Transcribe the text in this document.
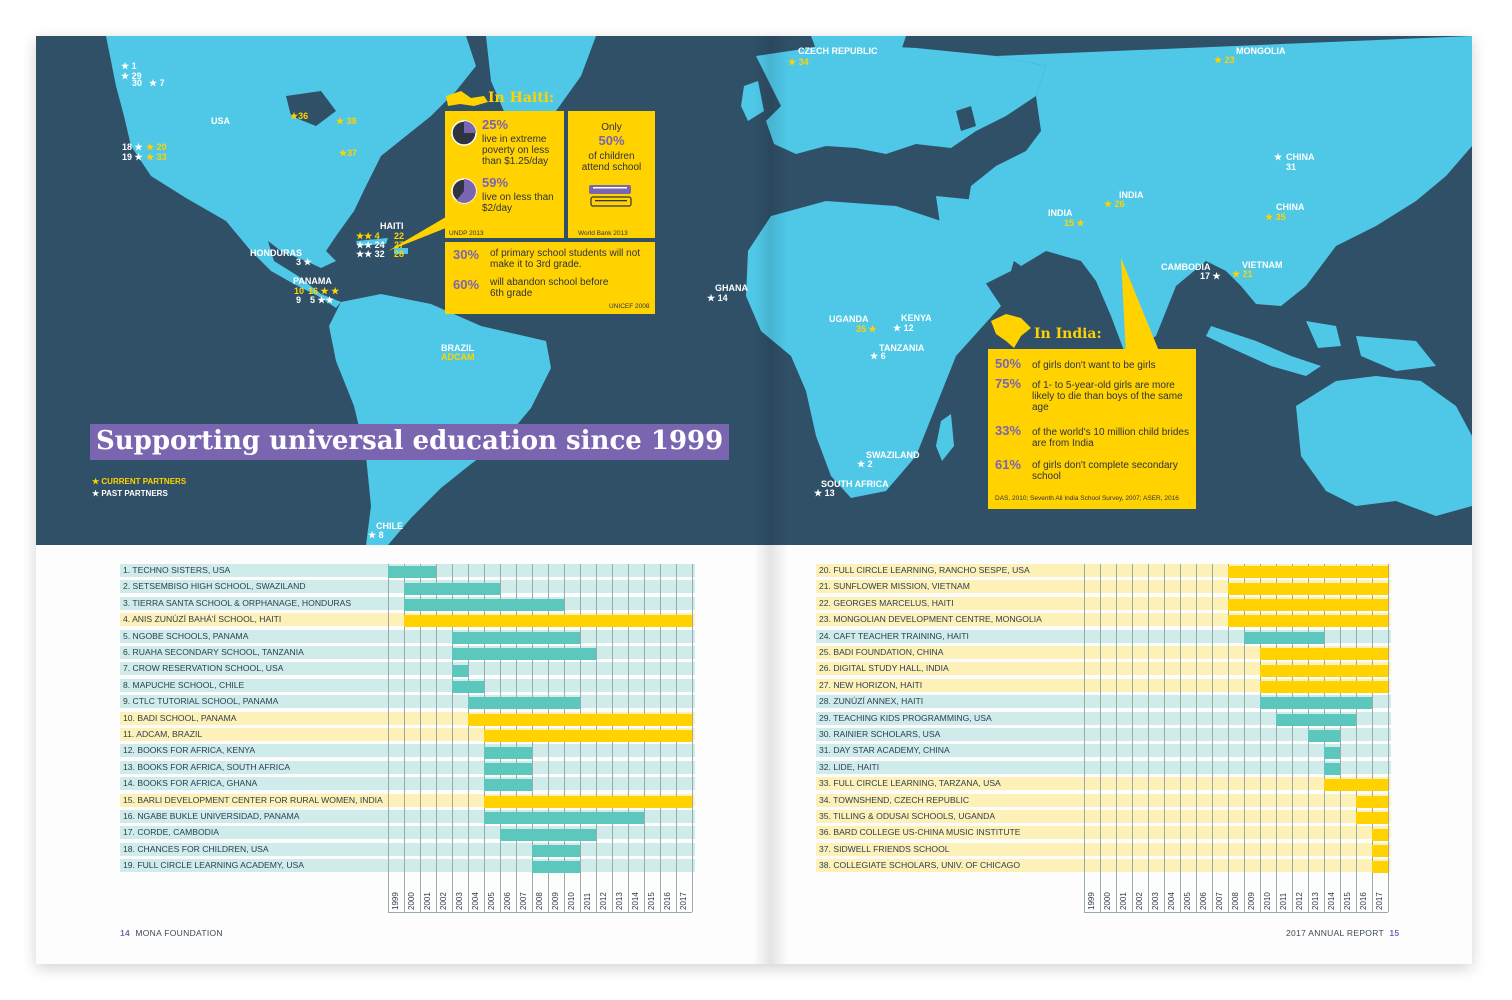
USA
HONDURAS
PANAMA
HAITI
BRAZIL
ADCAM
CHILE
CZECH REPUBLIC	MONGOLIA
CHINA
CHINA
INDIA
INDIA
CAMBODIA	VIETNAM
GHANA
UGANDA	KENYA
TANZANIA
SWAZILAND
SOUTH AFRICA
★ 1
★ 29
30 ★ 7
18 ★ ★ 20
19 ★ ★ 33
★36	★ 38
★37
3 ★
10 16 ★ ★
9 5 ★★
★★ 4 22
★★ 24 27
★★ 32 28
★ 8
★ 34	★ 23
★
31
★ 26
15 ★
★ 35
17 ★ ★ 21
★ 14
35 ★ ★ 12
★ 6
★ 2
★ 13
In Haiti:
25%
live in extreme poverty on less than $1.25/day
59%
live on less than $2/day
UNDP 2013
Only
50%
of children attend school
World Bank 2013
30% of primary school students will not make it to 3rd grade.
60% will abandon school before 6th grade
UNICEF 2008
In India:
50% of girls don't want to be girls
75% of 1- to 5-year-old girls are more likely to die than boys of the same age
33% of the world's 10 million child brides are from India
61% of girls don't complete secondary school
DAS, 2010; Seventh All India School Survey, 2007; ASER, 2016
Supporting universal education since 1999
★ CURRENT PARTNERS
★ PAST PARTNERS
1. TECHNO SISTERS, USA
2. SETSEMBISO HIGH SCHOOL, SWAZILAND
3. TIERRA SANTA SCHOOL & ORPHANAGE, HONDURAS
4. ANIS ZUNÚZÍ BAHÁ'Í SCHOOL, HAITI
5. NGOBE SCHOOLS, PANAMA
6. RUAHA SECONDARY SCHOOL, TANZANIA
7. CROW RESERVATION SCHOOL, USA
8. MAPUCHE SCHOOL, CHILE
9. CTLC TUTORIAL SCHOOL, PANAMA
10. BADI SCHOOL, PANAMA
11. ADCAM, BRAZIL
12. BOOKS FOR AFRICA, KENYA
13. BOOKS FOR AFRICA, SOUTH AFRICA
14. BOOKS FOR AFRICA, GHANA
15. BARLI DEVELOPMENT CENTER FOR RURAL WOMEN, INDIA
16. NGABE BUKLE UNIVERSIDAD, PANAMA
17. CORDE, CAMBODIA
18. CHANCES FOR CHILDREN, USA
19. FULL CIRCLE LEARNING ACADEMY, USA
1999 2000 2001 2002 2003 2004 2005 2006 2007 2008 2009 2010 2011 2012 2013 2014 2015 2016 2017
20. FULL CIRCLE LEARNING, RANCHO SESPE, USA
21. SUNFLOWER MISSION, VIETNAM
22. GEORGES MARCELUS, HAITI
23. MONGOLIAN DEVELOPMENT CENTRE, MONGOLIA
24. CAFT TEACHER TRAINING, HAITI
25. BADI FOUNDATION, CHINA
26. DIGITAL STUDY HALL, INDIA
27. NEW HORIZON, HAITI
28. ZUNÚZÍ ANNEX, HAITI
29. TEACHING KIDS PROGRAMMING, USA
30. RAINIER SCHOLARS, USA
31. DAY STAR ACADEMY, CHINA
32. LIDE, HAITI
33. FULL CIRCLE LEARNING, TARZANA, USA
34. TOWNSHEND, CZECH REPUBLIC
35. TILLING & ODUSAI SCHOOLS, UGANDA
36. BARD COLLEGE US-CHINA MUSIC INSTITUTE
37. SIDWELL FRIENDS SCHOOL
38. COLLEGIATE SCHOLARS, UNIV. OF CHICAGO
1999 2000 2001 2002 2003 2004 2005 2006 2007 2008 2009 2010 2011 2012 2013 2014 2015 2016 2017
14 MONA FOUNDATION	2017 ANNUAL REPORT 15
